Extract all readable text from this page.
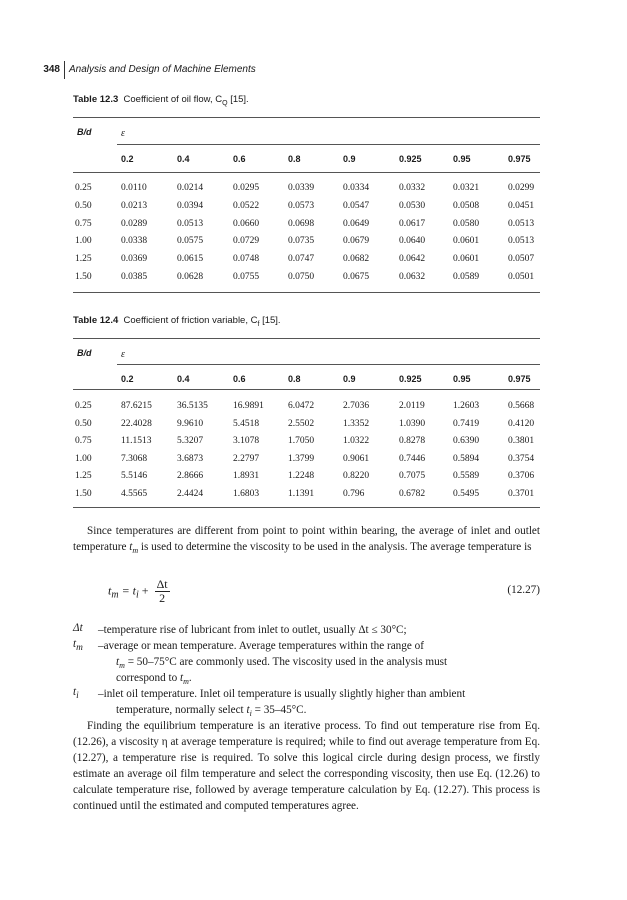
348 Analysis and Design of Machine Elements
Table 12.3 Coefficient of oil flow, $C_Q$ [15].
B/d	ε
0.2	0.4	0.6	0.8	0.9	0.925	0.95	0.975
0.25	0.0110	0.0214	0.0295	0.0339	0.0334	0.0332	0.0321	0.0299
0.50	0.0213	0.0394	0.0522	0.0573	0.0547	0.0530	0.0508	0.0451
0.75	0.0289	0.0513	0.0660	0.0698	0.0649	0.0617	0.0580	0.0513
1.00	0.0338	0.0575	0.0729	0.0735	0.0679	0.0640	0.0601	0.0513
1.25	0.0369	0.0615	0.0748	0.0747	0.0682	0.0642	0.0601	0.0507
1.50	0.0385	0.0628	0.0755	0.0750	0.0675	0.0632	0.0589	0.0501
Table 12.4 Coefficient of friction variable, $C_f$ [15].
B/d	ε
0.2	0.4	0.6	0.8	0.9	0.925	0.95	0.975
0.25	87.6215	36.5135	16.9891	6.0472	2.7036	2.0119	1.2603	0.5668
0.50	22.4028	9.9610	5.4518	2.5502	1.3352	1.0390	0.7419	0.4120
0.75	11.1513	5.3207	3.1078	1.7050	1.0322	0.8278	0.6390	0.3801
1.00	7.3068	3.6873	2.2797	1.3799	0.9061	0.7446	0.5894	0.3754
1.25	5.5146	2.8666	1.8931	1.2248	0.8220	0.7075	0.5589	0.3706
1.50	4.5565	2.4424	1.6803	1.1391	0.796	0.6782	0.5495	0.3701
Since temperatures are different from point to point within bearing, the average of inlet and outlet temperature $t_m$ is used to determine the viscosity to be used in the analysis. The average temperature is
$t_m = t_i + \frac{\Delta t}{2}$	(12.27)
Δt –temperature rise of lubricant from inlet to outlet, usually Δt ≤ 30°C;
$t_m$ –average or mean temperature. Average temperatures within the range of
$t_m = 50-75^\circ C$ are commonly used. The viscosity used in the analysis must
correspond to $t_m$.
$t_i$ –inlet oil temperature. Inlet oil temperature is usually slightly higher than ambient
temperature, normally select $t_i = 35-45^\circ C$.
Finding the equilibrium temperature is an iterative process. To find out temperature rise from Eq. (12.26), a viscosity η at average temperature is required; while to find out average temperature from Eq. (12.27), a temperature rise is required. To solve this logical circle during design process, we firstly estimate an average oil film temperature and select the corresponding viscosity, then use Eq. (12.26) to calculate temperature rise, followed by average temperature calculation by Eq. (12.27). This process is continued until the estimated and computed temperatures agree.
